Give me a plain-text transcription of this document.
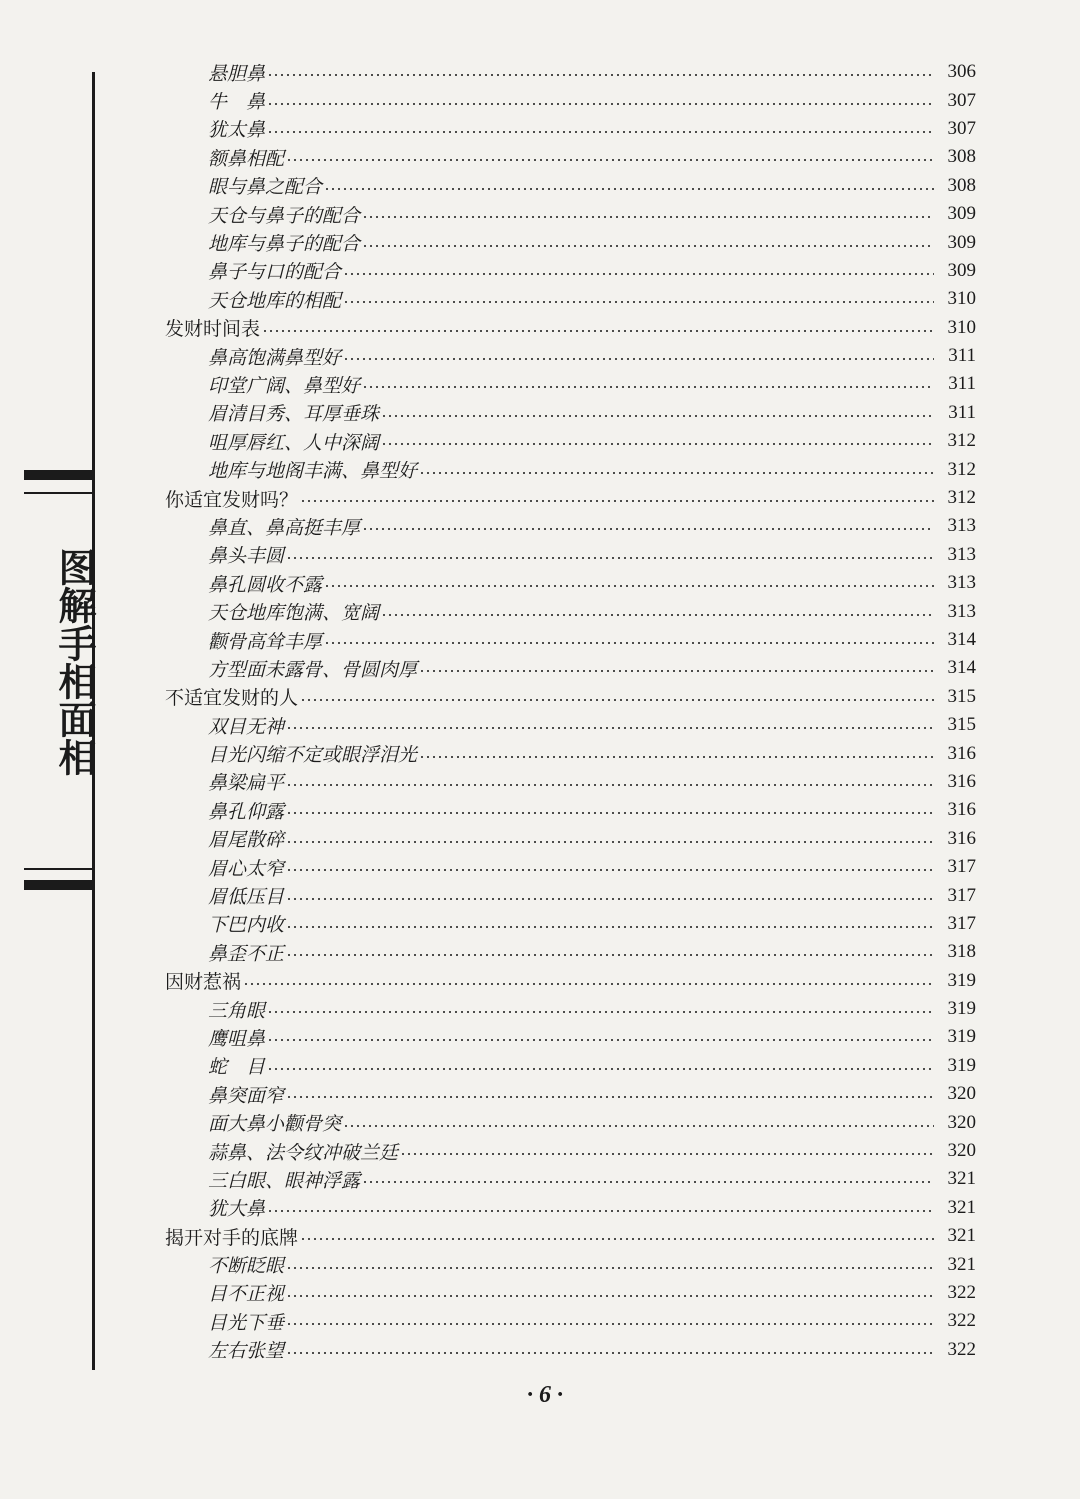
图解手相面相
悬胆鼻	306
牛　鼻	307
犹太鼻	307
额鼻相配	308
眼与鼻之配合	308
天仓与鼻子的配合	309
地库与鼻子的配合	309
鼻子与口的配合	309
天仓地库的相配	310
发财时间表	310
鼻高饱满鼻型好	311
印堂广阔、鼻型好	311
眉清目秀、耳厚垂珠	311
咀厚唇红、人中深阔	312
地库与地阁丰满、鼻型好	312
你适宜发财吗？	312
鼻直、鼻高挺丰厚	313
鼻头丰圆	313
鼻孔圆收不露	313
天仓地库饱满、宽阔	313
颧骨高耸丰厚	314
方型面未露骨、骨圆肉厚	314
不适宜发财的人	315
双目无神	315
目光闪缩不定或眼浮泪光	316
鼻梁扁平	316
鼻孔仰露	316
眉尾散碎	316
眉心太窄	317
眉低压目	317
下巴内收	317
鼻歪不正	318
因财惹祸	319
三角眼	319
鹰咀鼻	319
蛇　目	319
鼻突面窄	320
面大鼻小颧骨突	320
蒜鼻、法令纹冲破兰廷	320
三白眼、眼神浮露	321
犹大鼻	321
揭开对手的底牌	321
不断眨眼	321
目不正视	322
目光下垂	322
左右张望	322
· 6 ·
